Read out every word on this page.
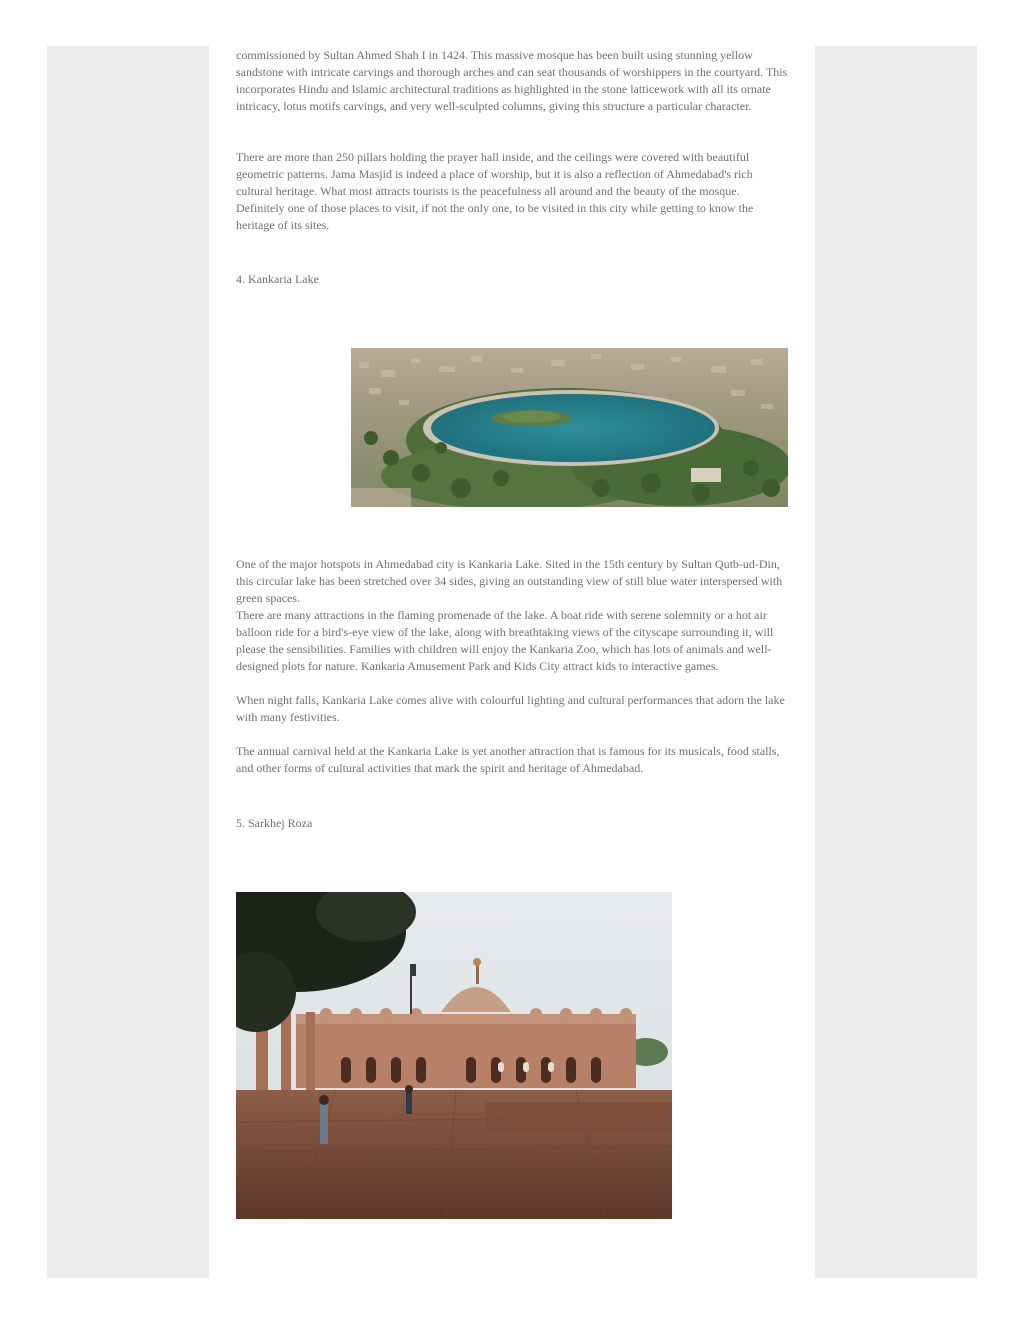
commissioned by Sultan Ahmed Shah I in 1424. This massive mosque has been built using stunning yellow sandstone with intricate carvings and thorough arches and can seat thousands of worshippers in the courtyard. This incorporates Hindu and Islamic architectural traditions as highlighted in the stone latticework with all its ornate intricacy, lotus motifs carvings, and very well-sculpted columns, giving this structure a particular character.

There are more than 250 pillars holding the prayer hall inside, and the ceilings were covered with beautiful geometric patterns. Jama Masjid is indeed a place of worship, but it is also a reflection of Ahmedabad's rich cultural heritage. What most attracts tourists is the peacefulness all around and the beauty of the mosque. Definitely one of those places to visit, if not the only one, to be visited in this city while getting to know the heritage of its sites.

4. Kankaria Lake

One of the major hotspots in Ahmedabad city is Kankaria Lake. Sited in the 15th century by Sultan Qutb-ud-Din, this circular lake has been stretched over 34 sides, giving an outstanding view of still blue water interspersed with green spaces.

There are many attractions in the flaming promenade of the lake. A boat ride with serene solemnity or a hot air balloon ride for a bird's-eye view of the lake, along with breathtaking views of the cityscape surrounding it, will please the sensibilities. Families with children will enjoy the Kankaria Zoo, which has lots of animals and well-designed plots for nature. Kankaria Amusement Park and Kids City attract kids to interactive games.

When night falls, Kankaria Lake comes alive with colourful lighting and cultural performances that adorn the lake with many festivities.

The annual carnival held at the Kankaria Lake is yet another attraction that is famous for its musicals, food stalls, and other forms of cultural activities that mark the spirit and heritage of Ahmedabad.

5. Sarkhej Roza
